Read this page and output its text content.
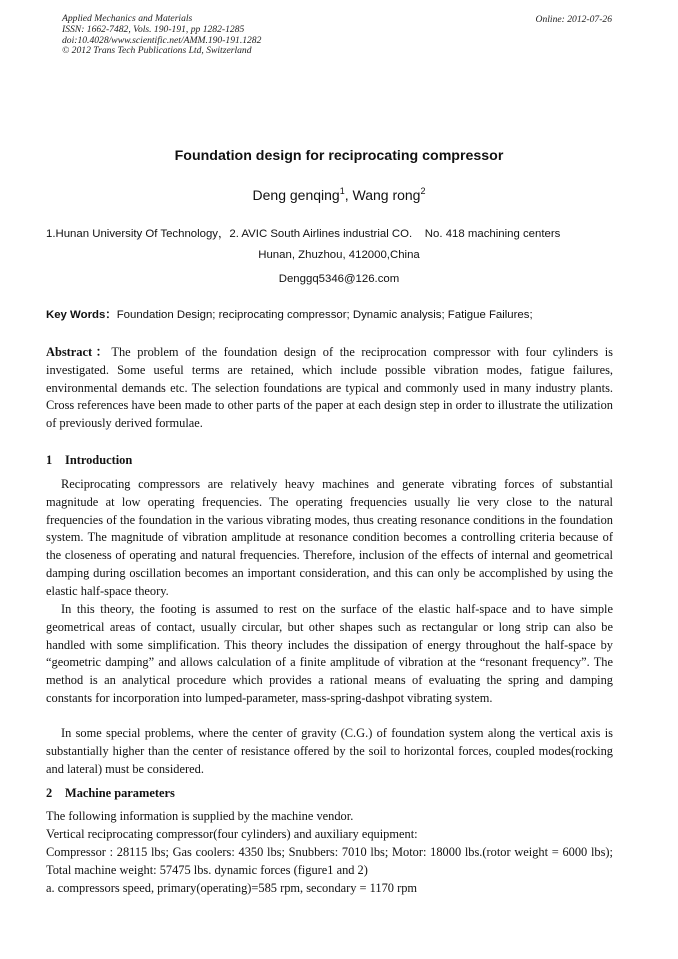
Applied Mechanics and Materials
ISSN: 1662-7482, Vols. 190-191, pp 1282-1285
doi:10.4028/www.scientific.net/AMM.190-191.1282
© 2012 Trans Tech Publications Ltd, Switzerland
Online: 2012-07-26
Foundation design for reciprocating compressor
Deng genqing$^1$, Wang rong$^2$
1.Hunan University Of Technology，2. AVIC South Airlines industrial CO.    No. 418 machining centers
Hunan, Zhuzhou, 412000,China
Denggq5346@126.com
Key Words：Foundation Design; reciprocating compressor; Dynamic analysis; Fatigue Failures;

Abstract：The problem of the foundation design of the reciprocation compressor with four cylinders is investigated. Some useful terms are retained, which include possible vibration modes, fatigue failures, environmental demands etc. The selection foundations are typical and commonly used in many industry plants. Cross references have been made to other parts of the paper at each design step in order to illustrate the utilization of previously derived formulae.

1 Introduction

Reciprocating compressors are relatively heavy machines and generate vibrating forces of substantial magnitude at low operating frequencies. The operating frequencies usually lie very close to the natural frequencies of the foundation in the various vibrating modes, thus creating resonance conditions in the foundation system. The magnitude of vibration amplitude at resonance condition becomes a controlling criteria because of the closeness of operating and natural frequencies. Therefore, inclusion of the effects of internal and geometrical damping during oscillation becomes an important consideration, and this can only be accomplished by using the elastic half-space theory.

In this theory, the footing is assumed to rest on the surface of the elastic half-space and to have simple geometrical areas of contact, usually circular, but other shapes such as rectangular or long strip can also be handled with some simplification. This theory includes the dissipation of energy throughout the half-space by “geometric damping” and allows calculation of a finite amplitude of vibration at the “resonant frequency”. The method is an analytical procedure which provides a rational means of evaluating the spring and damping constants for incorporation into lumped-parameter, mass-spring-dashpot vibrating system.

In some special problems, where the center of gravity (C.G.) of foundation system along the vertical axis is substantially higher than the center of resistance offered by the soil to horizontal forces, coupled modes(rocking and lateral) must be considered.

2 Machine parameters

The following information is supplied by the machine vendor.

Vertical reciprocating compressor(four cylinders) and auxiliary equipment:

Compressor : 28115 lbs; Gas coolers: 4350 lbs; Snubbers: 7010 lbs; Motor: 18000 lbs.(rotor weight = 6000 lbs); Total machine weight: 57475 lbs. dynamic forces (figure1 and 2)

a. compressors speed, primary(operating)=585 rpm, secondary = 1170 rpm
